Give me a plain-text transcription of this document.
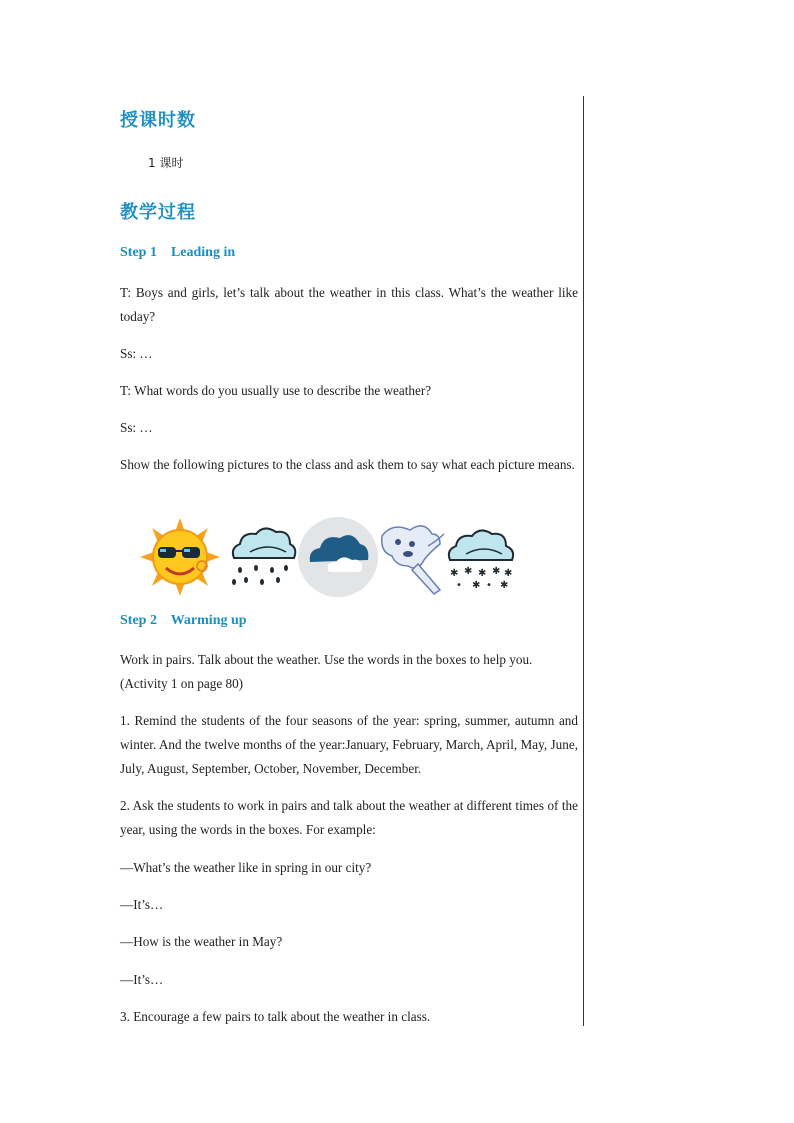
授课时数
1 课时
教学过程
Step 1    Leading in
T: Boys and girls, let’s talk about the weather in this class. What’s the weather like today?
Ss: …
T: What words do you usually use to describe the weather?
Ss: …
Show the following pictures to the class and ask them to say what each picture means.
✱ ✱ ✱ ✱ ✱
• ✱ • ✱
Step 2    Warming up
Work in pairs. Talk about the weather. Use the words in the boxes to help you.
(Activity 1 on page 80)
1. Remind the students of the four seasons of the year: spring, summer, autumn and winter. And the twelve months of the year:January, February, March, April, May, June, July, August, September, October, November, December.
2. Ask the students to work in pairs and talk about the weather at different times of the year, using the words in the boxes. For example:
—What’s the weather like in spring in our city?
—It’s…
—How is the weather in May?
—It’s…
3. Encourage a few pairs to talk about the weather in class.
